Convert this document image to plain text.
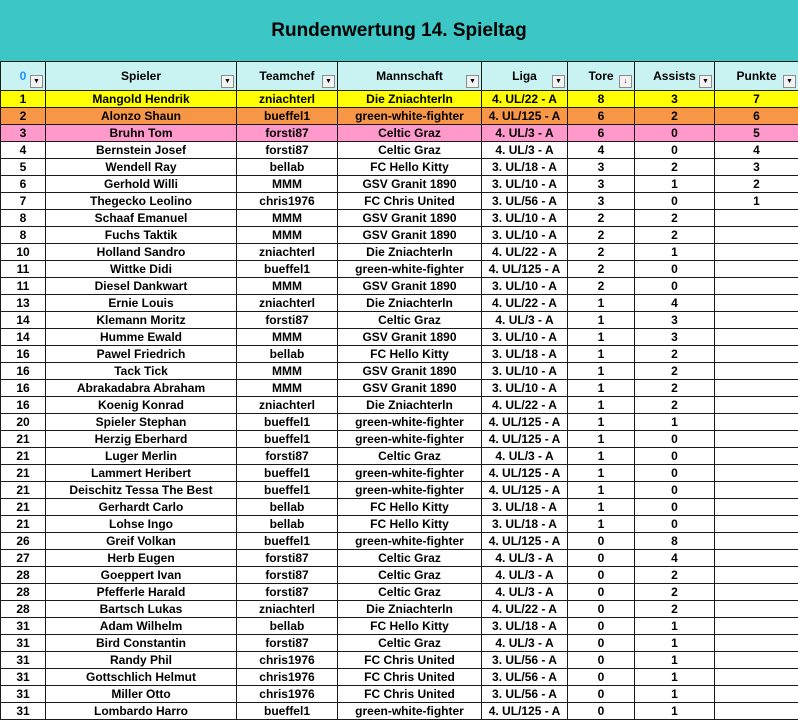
Rundenwertung 14. Spieltag
0 ▼	Spieler ▼	Teamchef ▼	Mannschaft ▼	Liga ▼	Tore ↓	Assists ▼	Punkte ▼

1	Mangold Hendrik	zniachterl	Die Zniachterln	4. UL/22 - A	8	3	7
2	Alonzo Shaun	bueffel1	green-white-fighter	4. UL/125 - A	6	2	6
3	Bruhn Tom	forsti87	Celtic Graz	4. UL/3 - A	6	0	5
4	Bernstein Josef	forsti87	Celtic Graz	4. UL/3 - A	4	0	4
5	Wendell Ray	bellab	FC Hello Kitty	3. UL/18 - A	3	2	3
6	Gerhold Willi	MMM	GSV Granit 1890	3. UL/10 - A	3	1	2
7	Thegecko Leolino	chris1976	FC Chris United	3. UL/56 - A	3	0	1
8	Schaaf Emanuel	MMM	GSV Granit 1890	3. UL/10 - A	2	2	
8	Fuchs Taktik	MMM	GSV Granit 1890	3. UL/10 - A	2	2	
10	Holland Sandro	zniachterl	Die Zniachterln	4. UL/22 - A	2	1	
11	Wittke Didi	bueffel1	green-white-fighter	4. UL/125 - A	2	0	
11	Diesel Dankwart	MMM	GSV Granit 1890	3. UL/10 - A	2	0	
13	Ernie Louis	zniachterl	Die Zniachterln	4. UL/22 - A	1	4	
14	Klemann Moritz	forsti87	Celtic Graz	4. UL/3 - A	1	3	
14	Humme Ewald	MMM	GSV Granit 1890	3. UL/10 - A	1	3	
16	Pawel Friedrich	bellab	FC Hello Kitty	3. UL/18 - A	1	2	
16	Tack Tick	MMM	GSV Granit 1890	3. UL/10 - A	1	2	
16	Abrakadabra Abraham	MMM	GSV Granit 1890	3. UL/10 - A	1	2	
16	Koenig Konrad	zniachterl	Die Zniachterln	4. UL/22 - A	1	2	
20	Spieler Stephan	bueffel1	green-white-fighter	4. UL/125 - A	1	1	
21	Herzig Eberhard	bueffel1	green-white-fighter	4. UL/125 - A	1	0	
21	Luger Merlin	forsti87	Celtic Graz	4. UL/3 - A	1	0	
21	Lammert Heribert	bueffel1	green-white-fighter	4. UL/125 - A	1	0	
21	Deischitz Tessa The Best	bueffel1	green-white-fighter	4. UL/125 - A	1	0	
21	Gerhardt Carlo	bellab	FC Hello Kitty	3. UL/18 - A	1	0	
21	Lohse Ingo	bellab	FC Hello Kitty	3. UL/18 - A	1	0	
26	Greif Volkan	bueffel1	green-white-fighter	4. UL/125 - A	0	8	
27	Herb Eugen	forsti87	Celtic Graz	4. UL/3 - A	0	4	
28	Goeppert Ivan	forsti87	Celtic Graz	4. UL/3 - A	0	2	
28	Pfefferle Harald	forsti87	Celtic Graz	4. UL/3 - A	0	2	
28	Bartsch Lukas	zniachterl	Die Zniachterln	4. UL/22 - A	0	2	
31	Adam Wilhelm	bellab	FC Hello Kitty	3. UL/18 - A	0	1	
31	Bird Constantin	forsti87	Celtic Graz	4. UL/3 - A	0	1	
31	Randy Phil	chris1976	FC Chris United	3. UL/56 - A	0	1	
31	Gottschlich Helmut	chris1976	FC Chris United	3. UL/56 - A	0	1	
31	Miller Otto	chris1976	FC Chris United	3. UL/56 - A	0	1	
31	Lombardo Harro	bueffel1	green-white-fighter	4. UL/125 - A	0	1	
